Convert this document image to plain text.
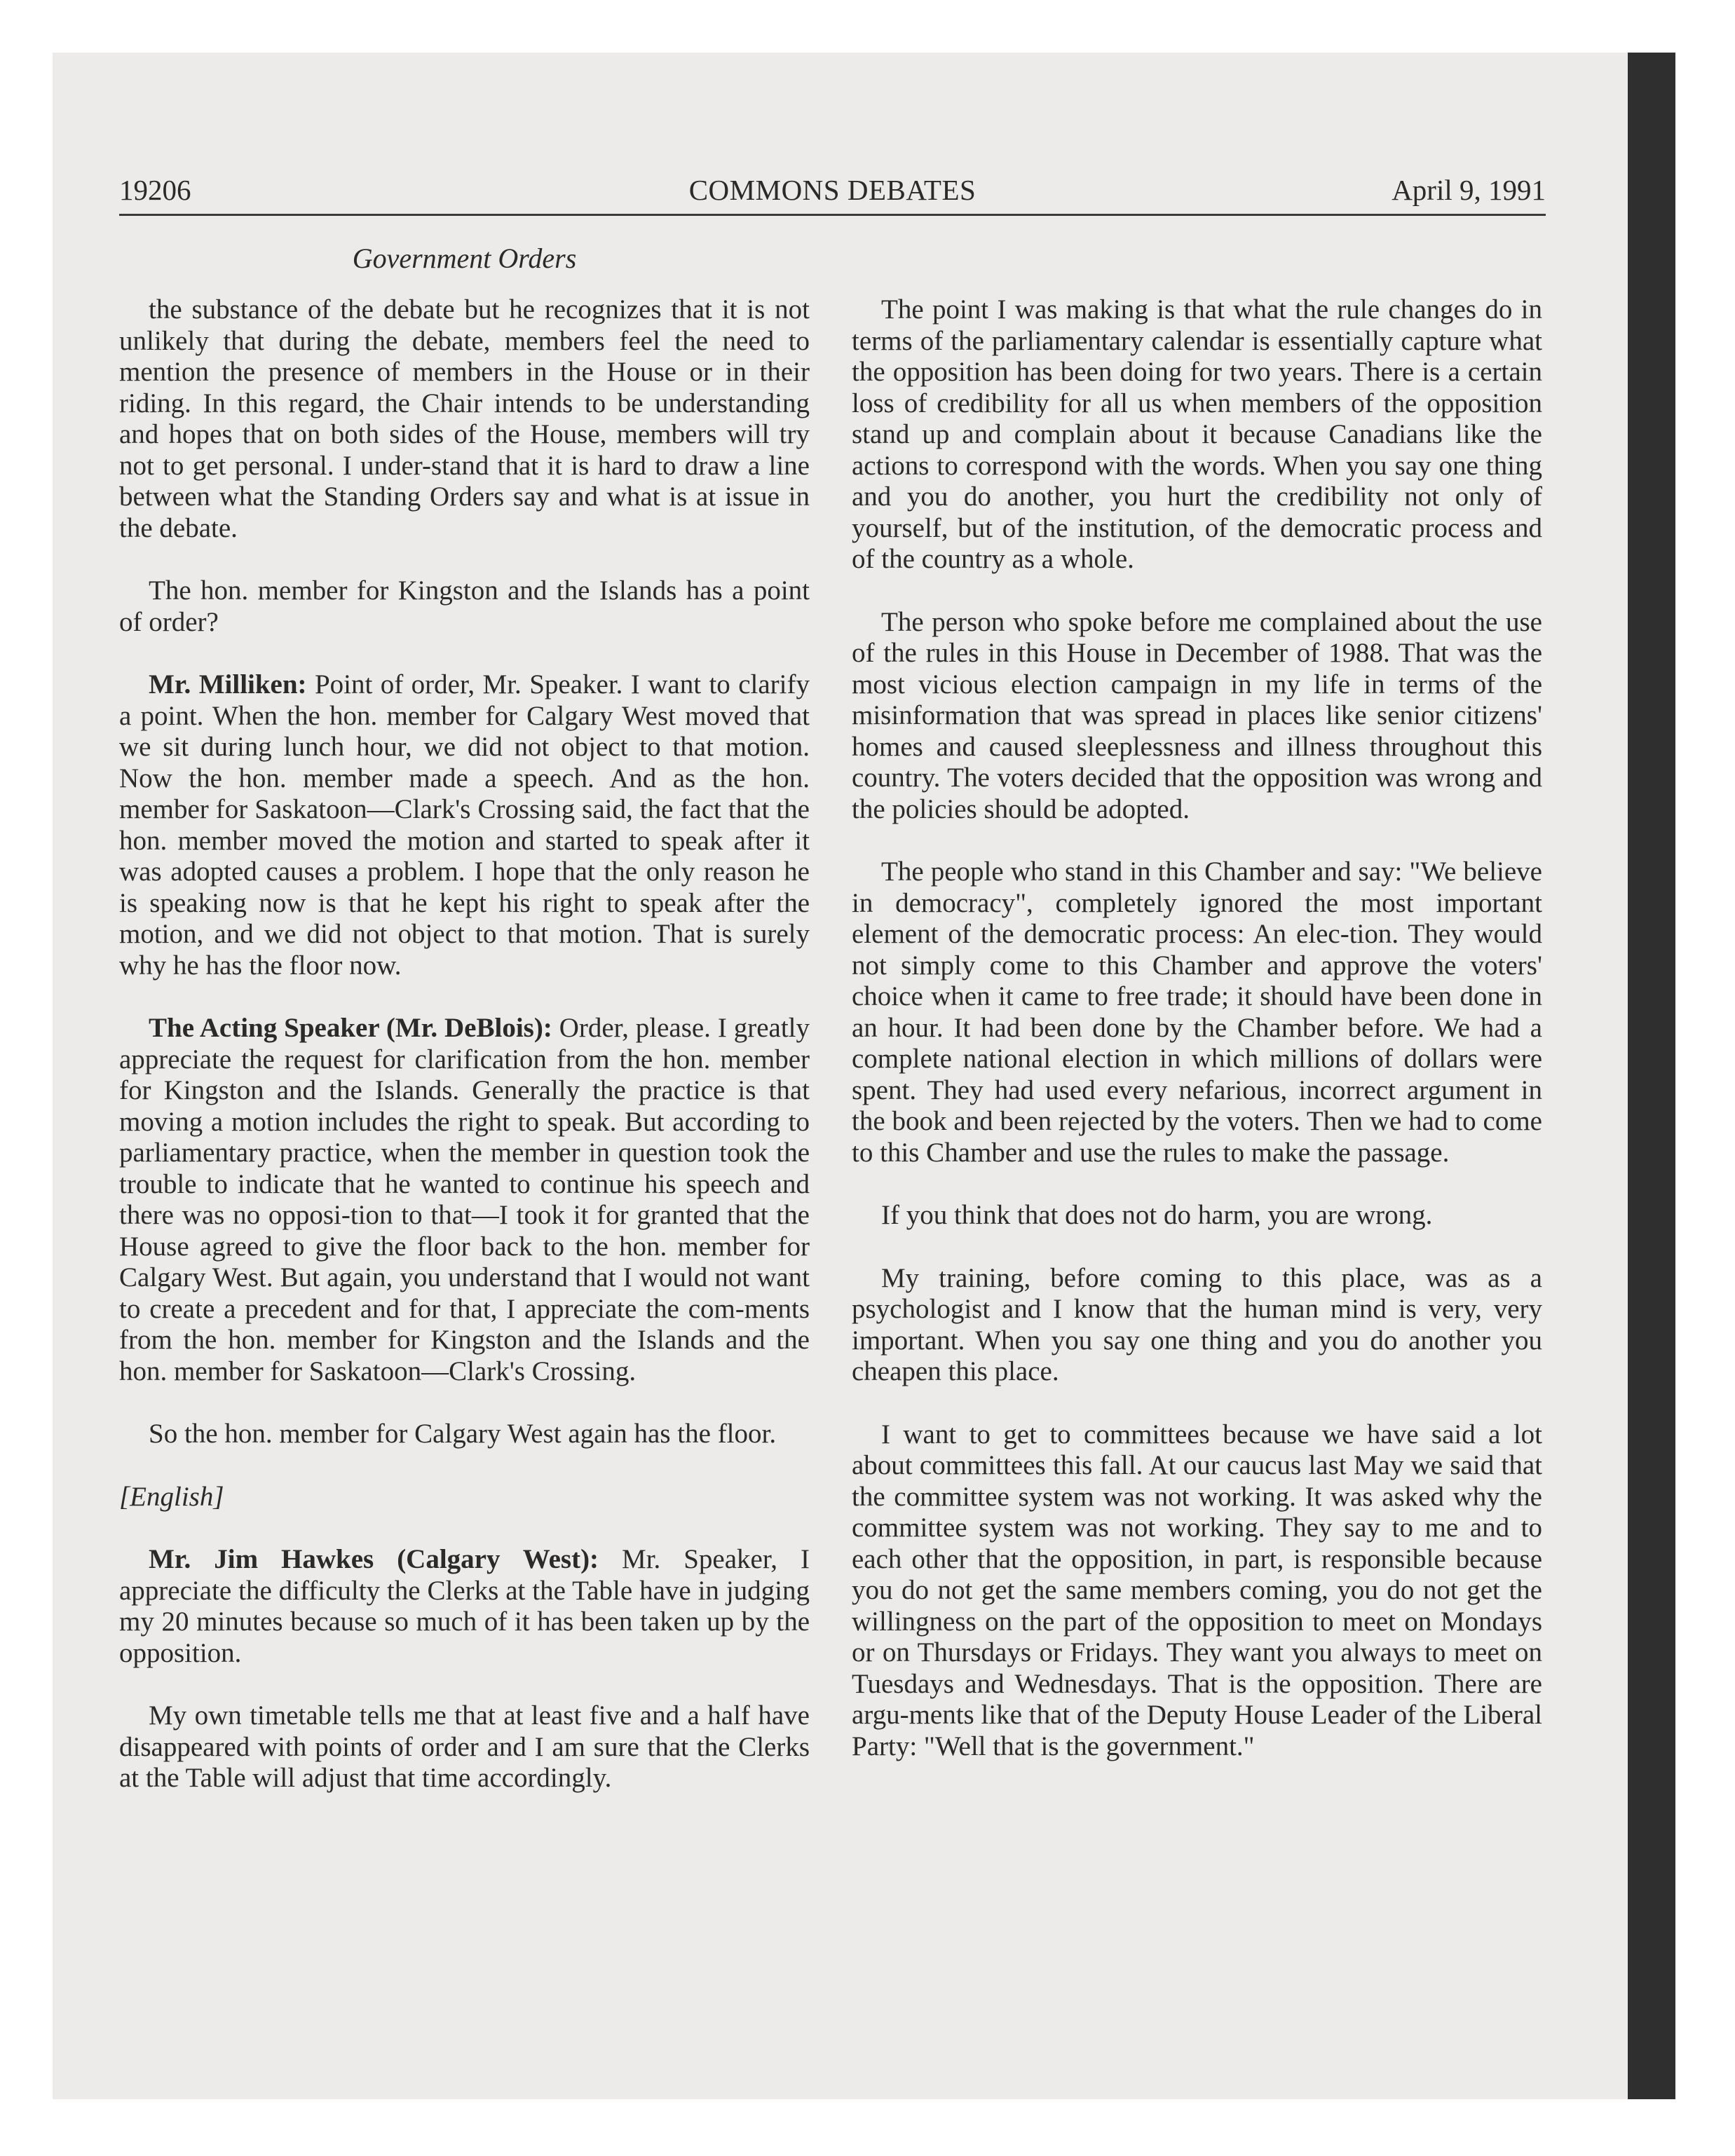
COMMONS DEBATES
19206	April 9, 1991
Government Orders

the substance of the debate but he recognizes that it is not unlikely that during the debate, members feel the need to mention the presence of members in the House or in their riding. In this regard, the Chair intends to be understanding and hopes that on both sides of the House, members will try not to get personal. I under-stand that it is hard to draw a line between what the Standing Orders say and what is at issue in the debate.

The hon. member for Kingston and the Islands has a point of order?

Mr. Milliken: Point of order, Mr. Speaker. I want to clarify a point. When the hon. member for Calgary West moved that we sit during lunch hour, we did not object to that motion. Now the hon. member made a speech. And as the hon. member for Saskatoon—Clark's Crossing said, the fact that the hon. member moved the motion and started to speak after it was adopted causes a problem. I hope that the only reason he is speaking now is that he kept his right to speak after the motion, and we did not object to that motion. That is surely why he has the floor now.

The Acting Speaker (Mr. DeBlois): Order, please. I greatly appreciate the request for clarification from the hon. member for Kingston and the Islands. Generally the practice is that moving a motion includes the right to speak. But according to parliamentary practice, when the member in question took the trouble to indicate that he wanted to continue his speech and there was no opposi-tion to that—I took it for granted that the House agreed to give the floor back to the hon. member for Calgary West. But again, you understand that I would not want to create a precedent and for that, I appreciate the com-ments from the hon. member for Kingston and the Islands and the hon. member for Saskatoon—Clark's Crossing.

So the hon. member for Calgary West again has the floor.

[English]

Mr. Jim Hawkes (Calgary West): Mr. Speaker, I appreciate the difficulty the Clerks at the Table have in judging my 20 minutes because so much of it has been taken up by the opposition.

My own timetable tells me that at least five and a half have disappeared with points of order and I am sure that the Clerks at the Table will adjust that time accordingly.

The point I was making is that what the rule changes do in terms of the parliamentary calendar is essentially capture what the opposition has been doing for two years. There is a certain loss of credibility for all us when members of the opposition stand up and complain about it because Canadians like the actions to correspond with the words. When you say one thing and you do another, you hurt the credibility not only of yourself, but of the institution, of the democratic process and of the country as a whole.

The person who spoke before me complained about the use of the rules in this House in December of 1988. That was the most vicious election campaign in my life in terms of the misinformation that was spread in places like senior citizens' homes and caused sleeplessness and illness throughout this country. The voters decided that the opposition was wrong and the policies should be adopted.

The people who stand in this Chamber and say: "We believe in democracy", completely ignored the most important element of the democratic process: An elec-tion. They would not simply come to this Chamber and approve the voters' choice when it came to free trade; it should have been done in an hour. It had been done by the Chamber before. We had a complete national election in which millions of dollars were spent. They had used every nefarious, incorrect argument in the book and been rejected by the voters. Then we had to come to this Chamber and use the rules to make the passage.

If you think that does not do harm, you are wrong.

My training, before coming to this place, was as a psychologist and I know that the human mind is very, very important. When you say one thing and you do another you cheapen this place.

I want to get to committees because we have said a lot about committees this fall. At our caucus last May we said that the committee system was not working. It was asked why the committee system was not working. They say to me and to each other that the opposition, in part, is responsible because you do not get the same members coming, you do not get the willingness on the part of the opposition to meet on Mondays or on Thursdays or Fridays. They want you always to meet on Tuesdays and Wednesdays. That is the opposition. There are argu-ments like that of the Deputy House Leader of the Liberal Party: "Well that is the government."
